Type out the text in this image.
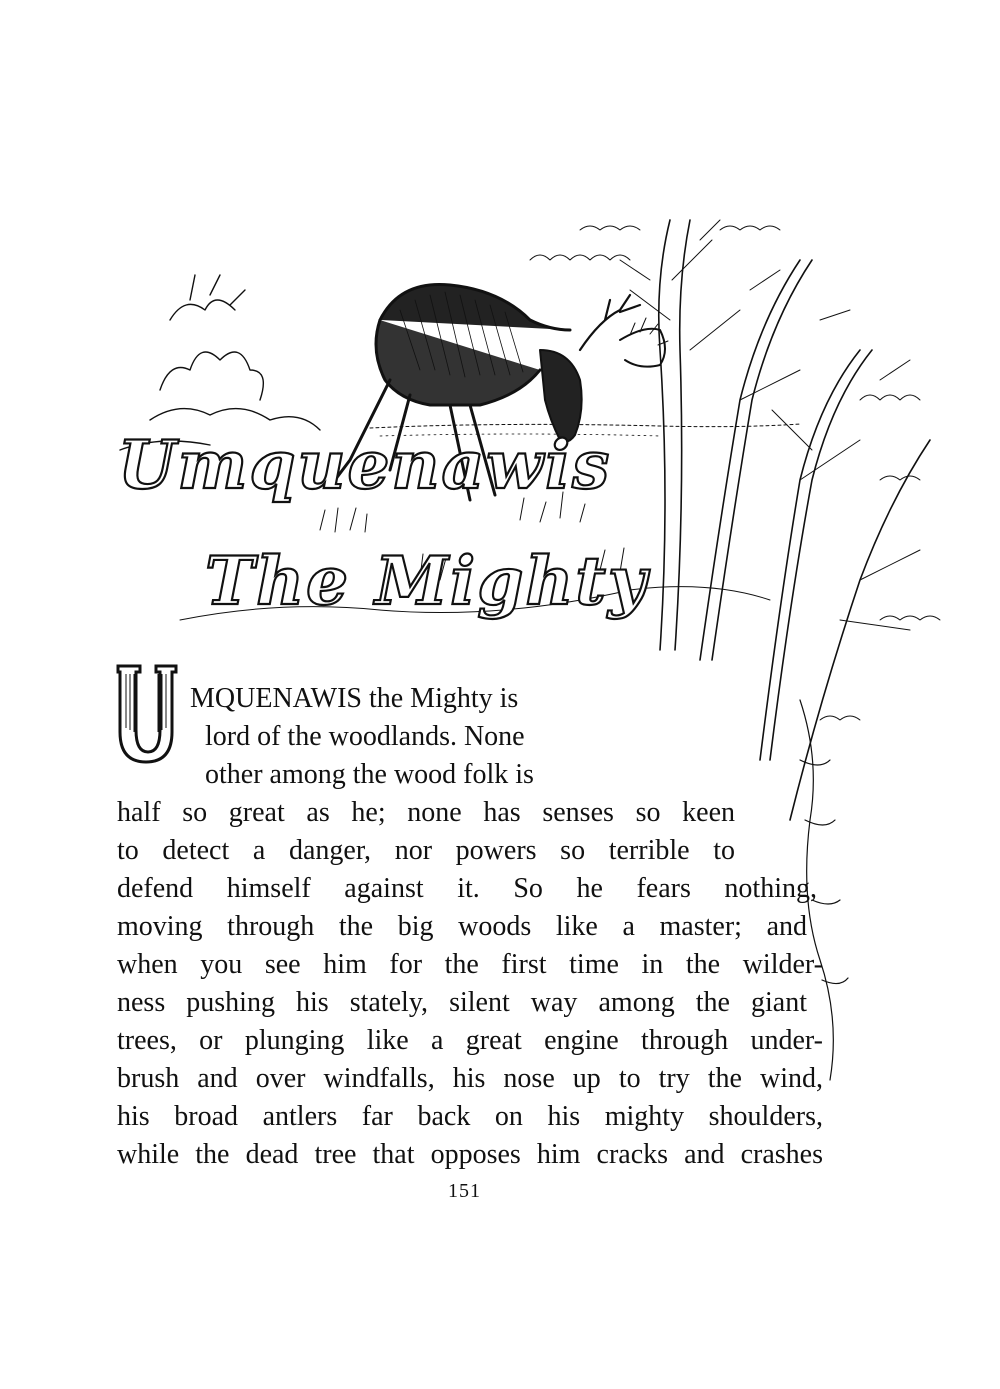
Umquenawis
The Mighty
U
MQUENAWIS the Mighty is
lord of the woodlands. None
other among the wood folk is
half so great as he; none has senses so keen
to detect a danger, nor powers so terrible to
defend himself against it. So he fears nothing,
moving through the big woods like a master; and
when you see him for the first time in the wilder-
ness pushing his stately, silent way among the giant
trees, or plunging like a great engine through under-
brush and over windfalls, his nose up to try the wind,
his broad antlers far back on his mighty shoulders,
while the dead tree that opposes him cracks and crashes
151
